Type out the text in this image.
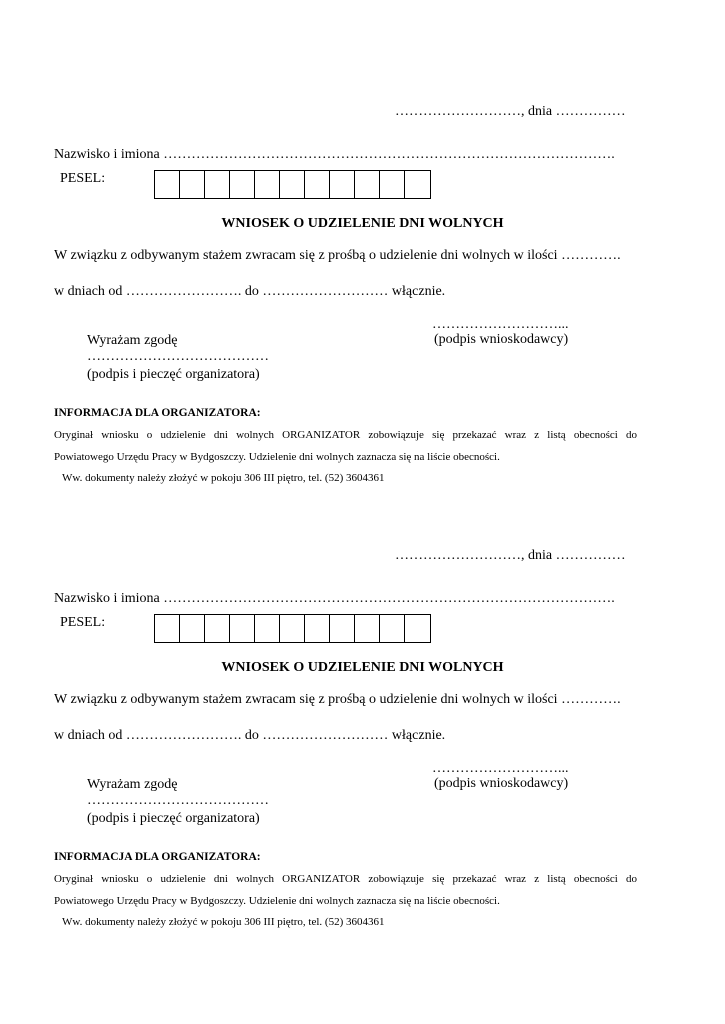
………………………, dnia ……………
Nazwisko i imiona …………………………………………………………………………………….
PESEL:
WNIOSEK O UDZIELENIE DNI WOLNYCH
W związku z odbywanym stażem zwracam się z prośbą o udzielenie dni wolnych w ilości ………….
w dniach od ……………………. do ……………………… włącznie.
………………………...
(podpis wnioskodawcy)
Wyrażam zgodę
…………………………………
(podpis i pieczęć organizatora)
INFORMACJA DLA ORGANIZATORA:
Oryginał wniosku o udzielenie dni wolnych ORGANIZATOR zobowiązuje się przekazać wraz z listą obecności do
Powiatowego Urzędu Pracy w Bydgoszczy. Udzielenie dni wolnych zaznacza się na liście obecności.
Ww. dokumenty należy złożyć w pokoju 306 III piętro, tel. (52) 3604361
………………………, dnia ……………
Nazwisko i imiona …………………………………………………………………………………….
PESEL:
WNIOSEK O UDZIELENIE DNI WOLNYCH
W związku z odbywanym stażem zwracam się z prośbą o udzielenie dni wolnych w ilości ………….
w dniach od ……………………. do ……………………… włącznie.
………………………...
(podpis wnioskodawcy)
Wyrażam zgodę
…………………………………
(podpis i pieczęć organizatora)
INFORMACJA DLA ORGANIZATORA:
Oryginał wniosku o udzielenie dni wolnych ORGANIZATOR zobowiązuje się przekazać wraz z listą obecności do
Powiatowego Urzędu Pracy w Bydgoszczy. Udzielenie dni wolnych zaznacza się na liście obecności.
Ww. dokumenty należy złożyć w pokoju 306 III piętro, tel. (52) 3604361
